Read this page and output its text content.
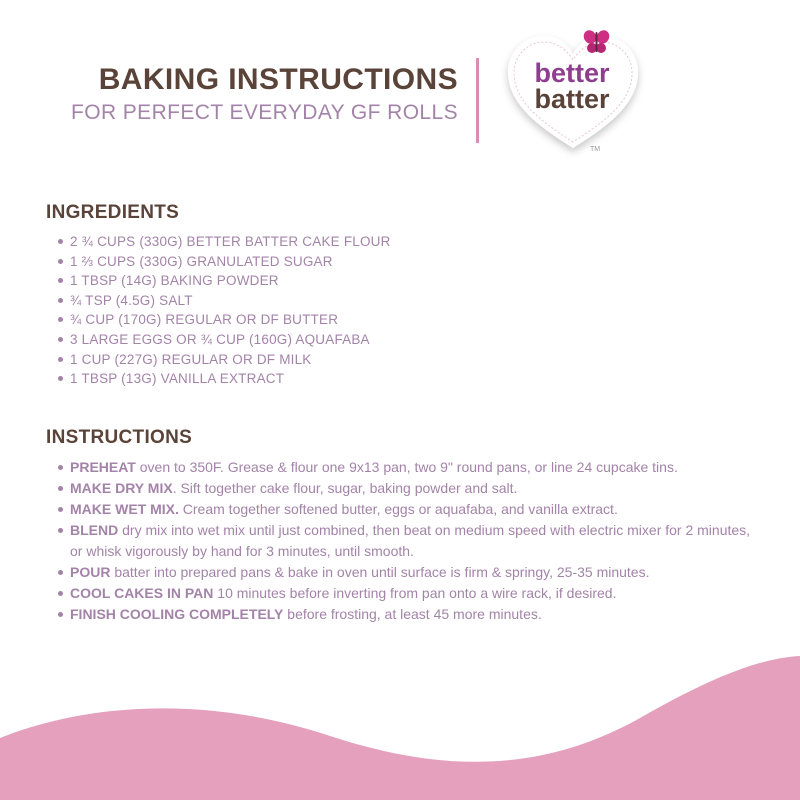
BAKING INSTRUCTIONS
FOR PERFECT EVERYDAY GF ROLLS
better
batter
TM
INGREDIENTS
2 ¾ CUPS (330G) BETTER BATTER CAKE FLOUR
1 ⅔ CUPS (330G) GRANULATED SUGAR
1 TBSP (14G) BAKING POWDER
¾ TSP (4.5G) SALT
¾ CUP (170G) REGULAR OR DF BUTTER
3 LARGE EGGS OR ¾ CUP (160G) AQUAFABA
1 CUP (227G) REGULAR OR DF MILK
1 TBSP (13G) VANILLA EXTRACT
INSTRUCTIONS
PREHEAT oven to 350F. Grease & flour one 9x13 pan, two 9" round pans, or line 24 cupcake tins.
MAKE DRY MIX. Sift together cake flour, sugar, baking powder and salt.
MAKE WET MIX. Cream together softened butter, eggs or aquafaba, and vanilla extract.
BLEND dry mix into wet mix until just combined, then beat on medium speed with electric mixer for 2 minutes, or whisk vigorously by hand for 3 minutes, until smooth.
POUR batter into prepared pans & bake in oven until surface is firm & springy, 25-35 minutes.
COOL CAKES IN PAN 10 minutes before inverting from pan onto a wire rack, if desired.
FINISH COOLING COMPLETELY before frosting, at least 45 more minutes.
